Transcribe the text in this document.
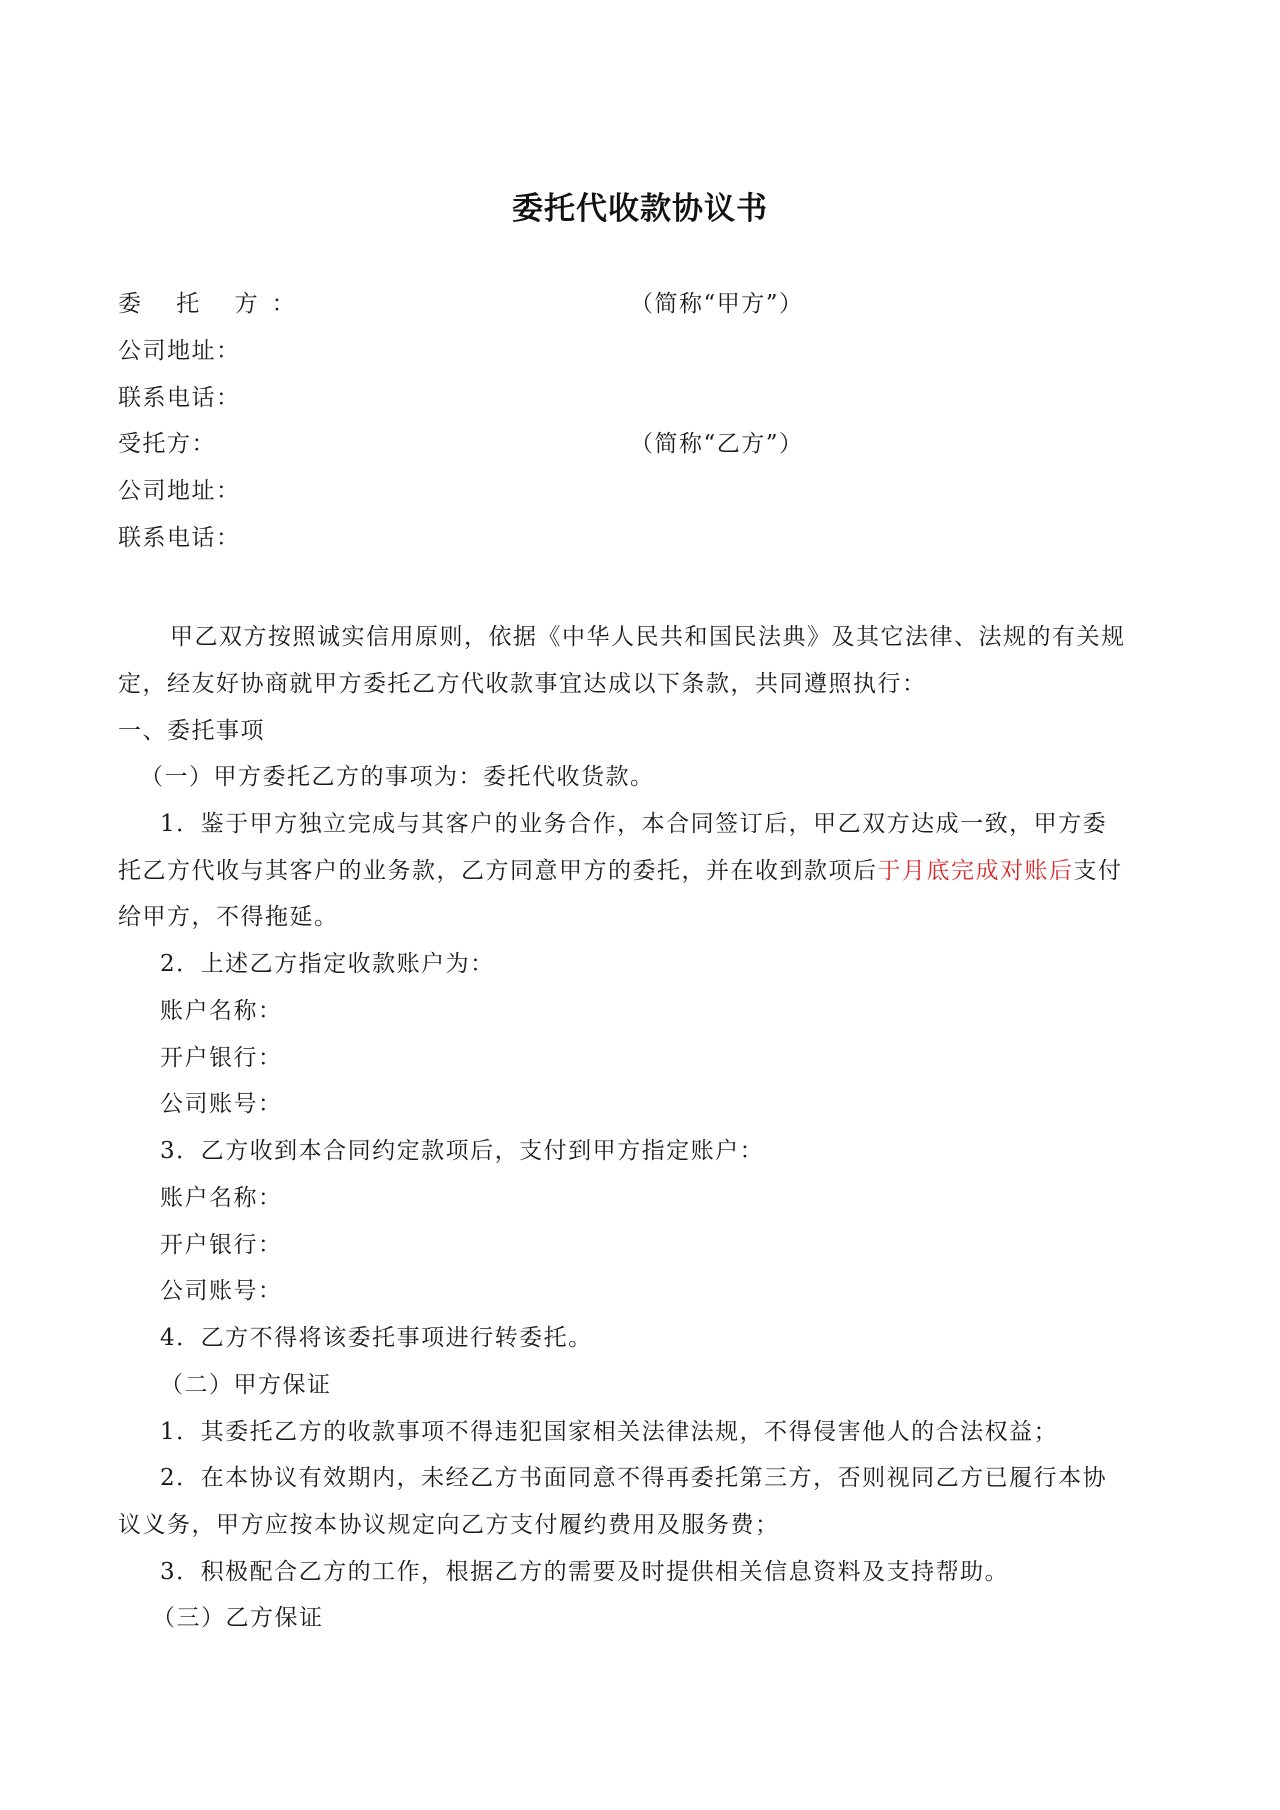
委托代收款协议书
委 托 方：	（简称“甲方”）
公司地址：
联系电话：
受托方：	（简称“乙方”）
公司地址：
联系电话：
甲乙双方按照诚实信用原则，依据《中华人民共和国民法典》及其它法律、法规的有关规
定，经友好协商就甲方委托乙方代收款事宜达成以下条款，共同遵照执行：
一、委托事项
（一）甲方委托乙方的事项为：委托代收货款。
1．鉴于甲方独立完成与其客户的业务合作，本合同签订后，甲乙双方达成一致，甲方委
托乙方代收与其客户的业务款，乙方同意甲方的委托，并在收到款项后于月底完成对账后支付
给甲方，不得拖延。
2．上述乙方指定收款账户为：
账户名称：
开户银行：
公司账号：
3．乙方收到本合同约定款项后，支付到甲方指定账户：
账户名称：
开户银行：
公司账号：
4．乙方不得将该委托事项进行转委托。
（二）甲方保证
1．其委托乙方的收款事项不得违犯国家相关法律法规，不得侵害他人的合法权益；
2．在本协议有效期内，未经乙方书面同意不得再委托第三方，否则视同乙方已履行本协
议义务，甲方应按本协议规定向乙方支付履约费用及服务费；
3．积极配合乙方的工作，根据乙方的需要及时提供相关信息资料及支持帮助。
（三）乙方保证
